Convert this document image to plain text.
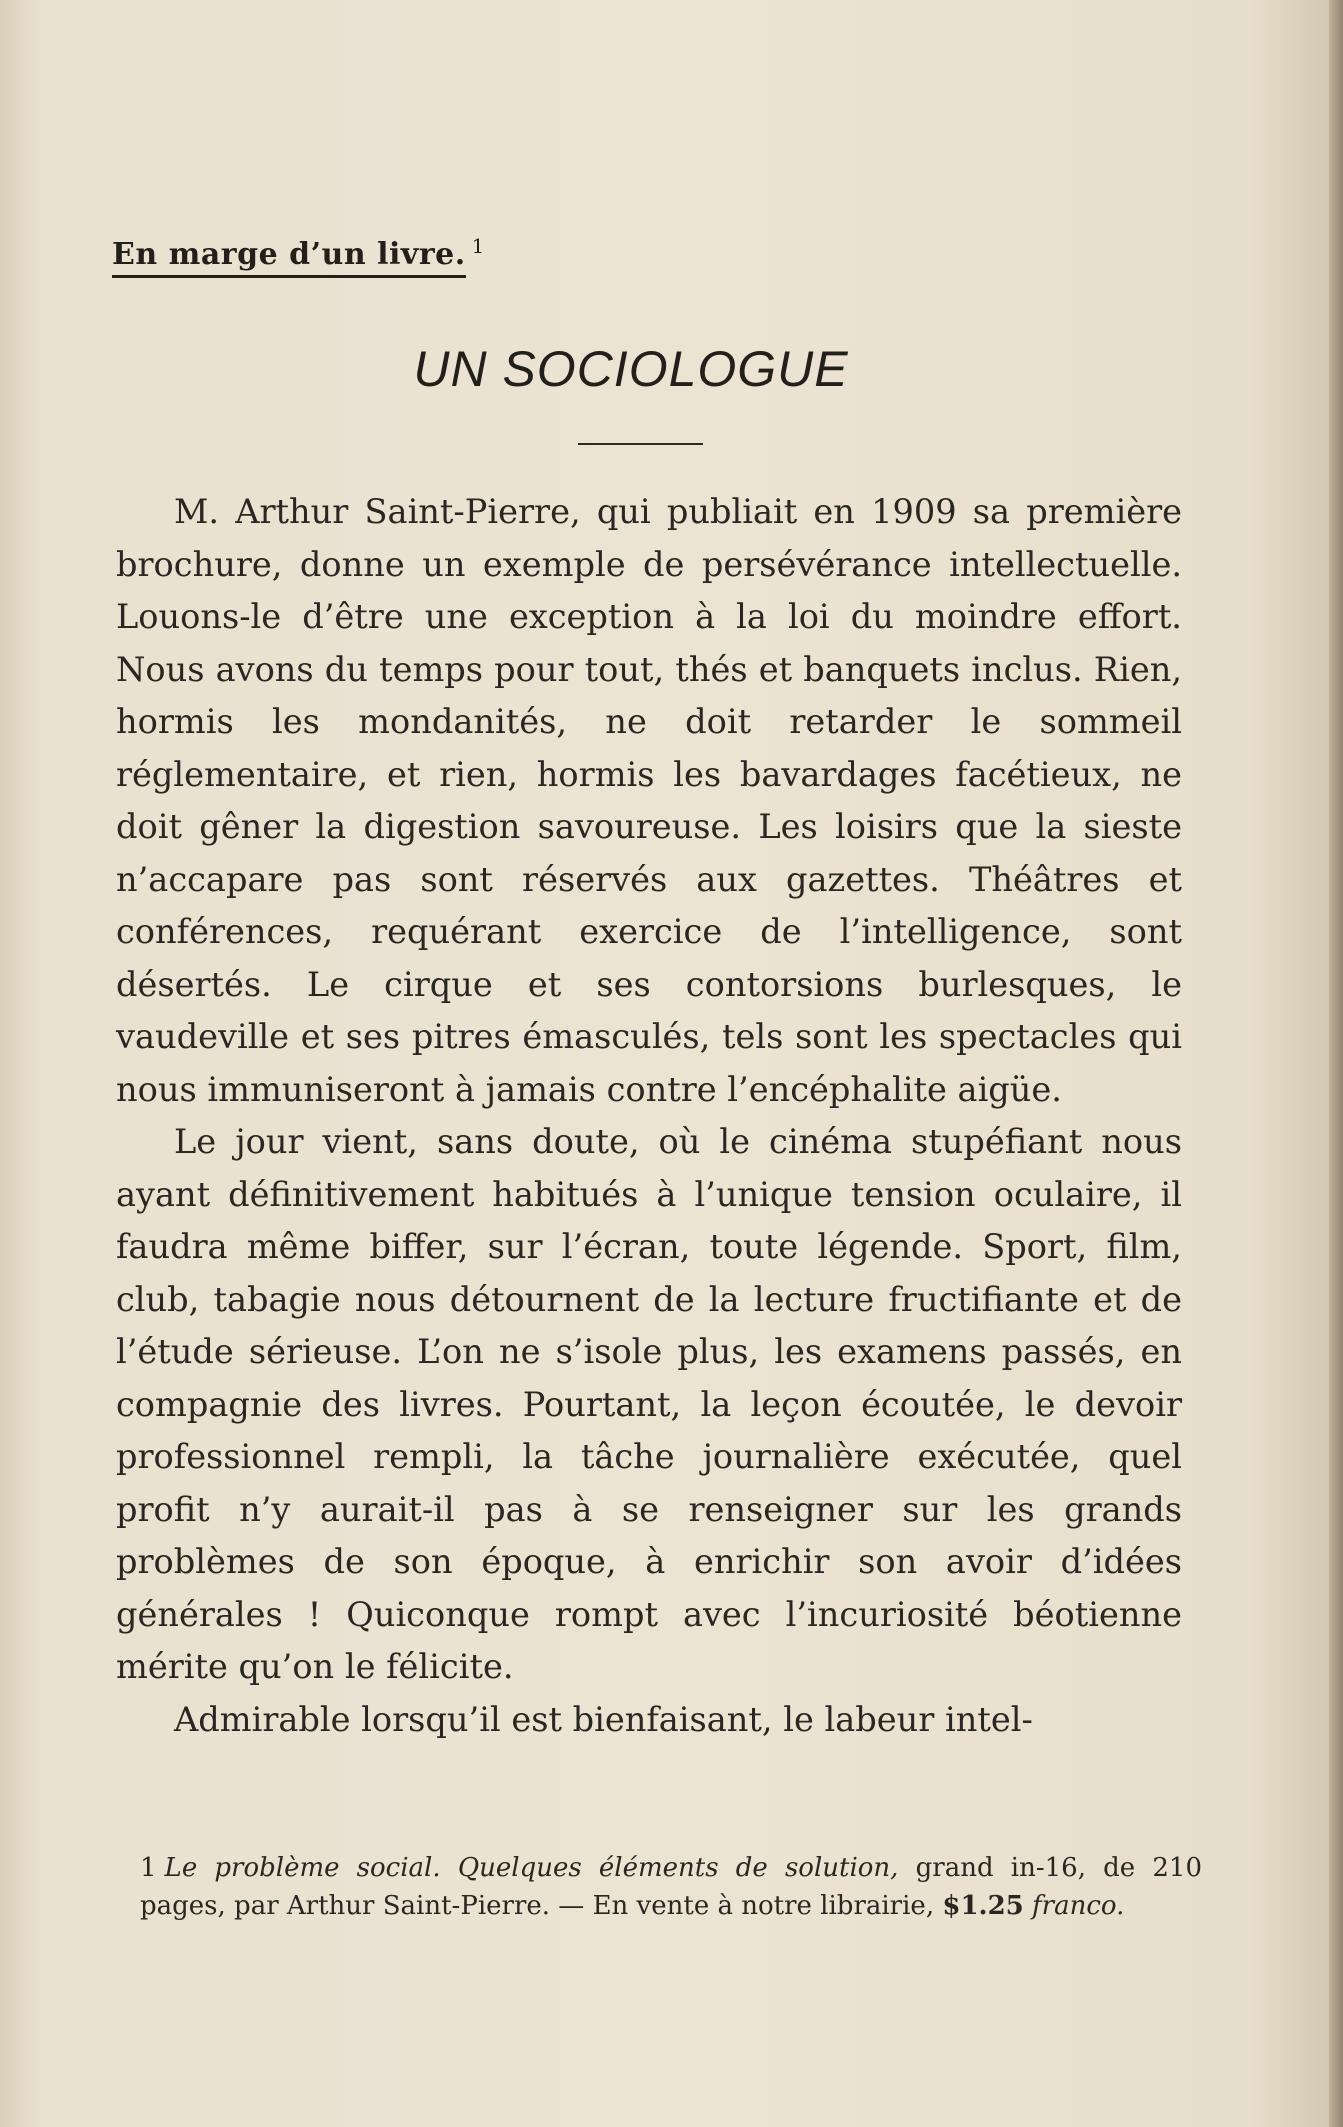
En marge d’un livre. $^1$
UN SOCIOLOGUE

M. Arthur Saint-Pierre, qui publiait en 1909 sa première brochure, donne un exemple de persévérance intellectuelle. Louons-le d’être une exception à la loi du moindre effort. Nous avons du temps pour tout, thés et banquets inclus. Rien, hormis les mondanités, ne doit retarder le sommeil réglementaire, et rien, hormis les bavardages facétieux, ne doit gêner la digestion savoureuse. Les loisirs que la sieste n’accapare pas sont réservés aux gazettes. Théâtres et conférences, requérant exercice de l’intelligence, sont désertés. Le cirque et ses contorsions burlesques, le vaudeville et ses pitres émasculés, tels sont les spectacles qui nous immuniseront à jamais contre l’encéphalite aigüe.

Le jour vient, sans doute, où le cinéma stupéfiant nous ayant définitivement habitués à l’unique tension oculaire, il faudra même biffer, sur l’écran, toute légende. Sport, film, club, tabagie nous détournent de la lecture fructifiante et de l’étude sérieuse. L’on ne s’isole plus, les examens passés, en compagnie des livres. Pourtant, la leçon écoutée, le devoir professionnel rempli, la tâche journalière exécutée, quel profit n’y aurait-il pas à se renseigner sur les grands problèmes de son époque, à enrichir son avoir d’idées générales ! Quiconque rompt avec l’incuriosité béotienne mérite qu’on le félicite.

Admirable lorsqu’il est bienfaisant, le labeur intel-

1 Le problème social. Quelques éléments de solution, grand in-16, de 210 pages, par Arthur Saint-Pierre. — En vente à notre librairie, $1.25 franco.
